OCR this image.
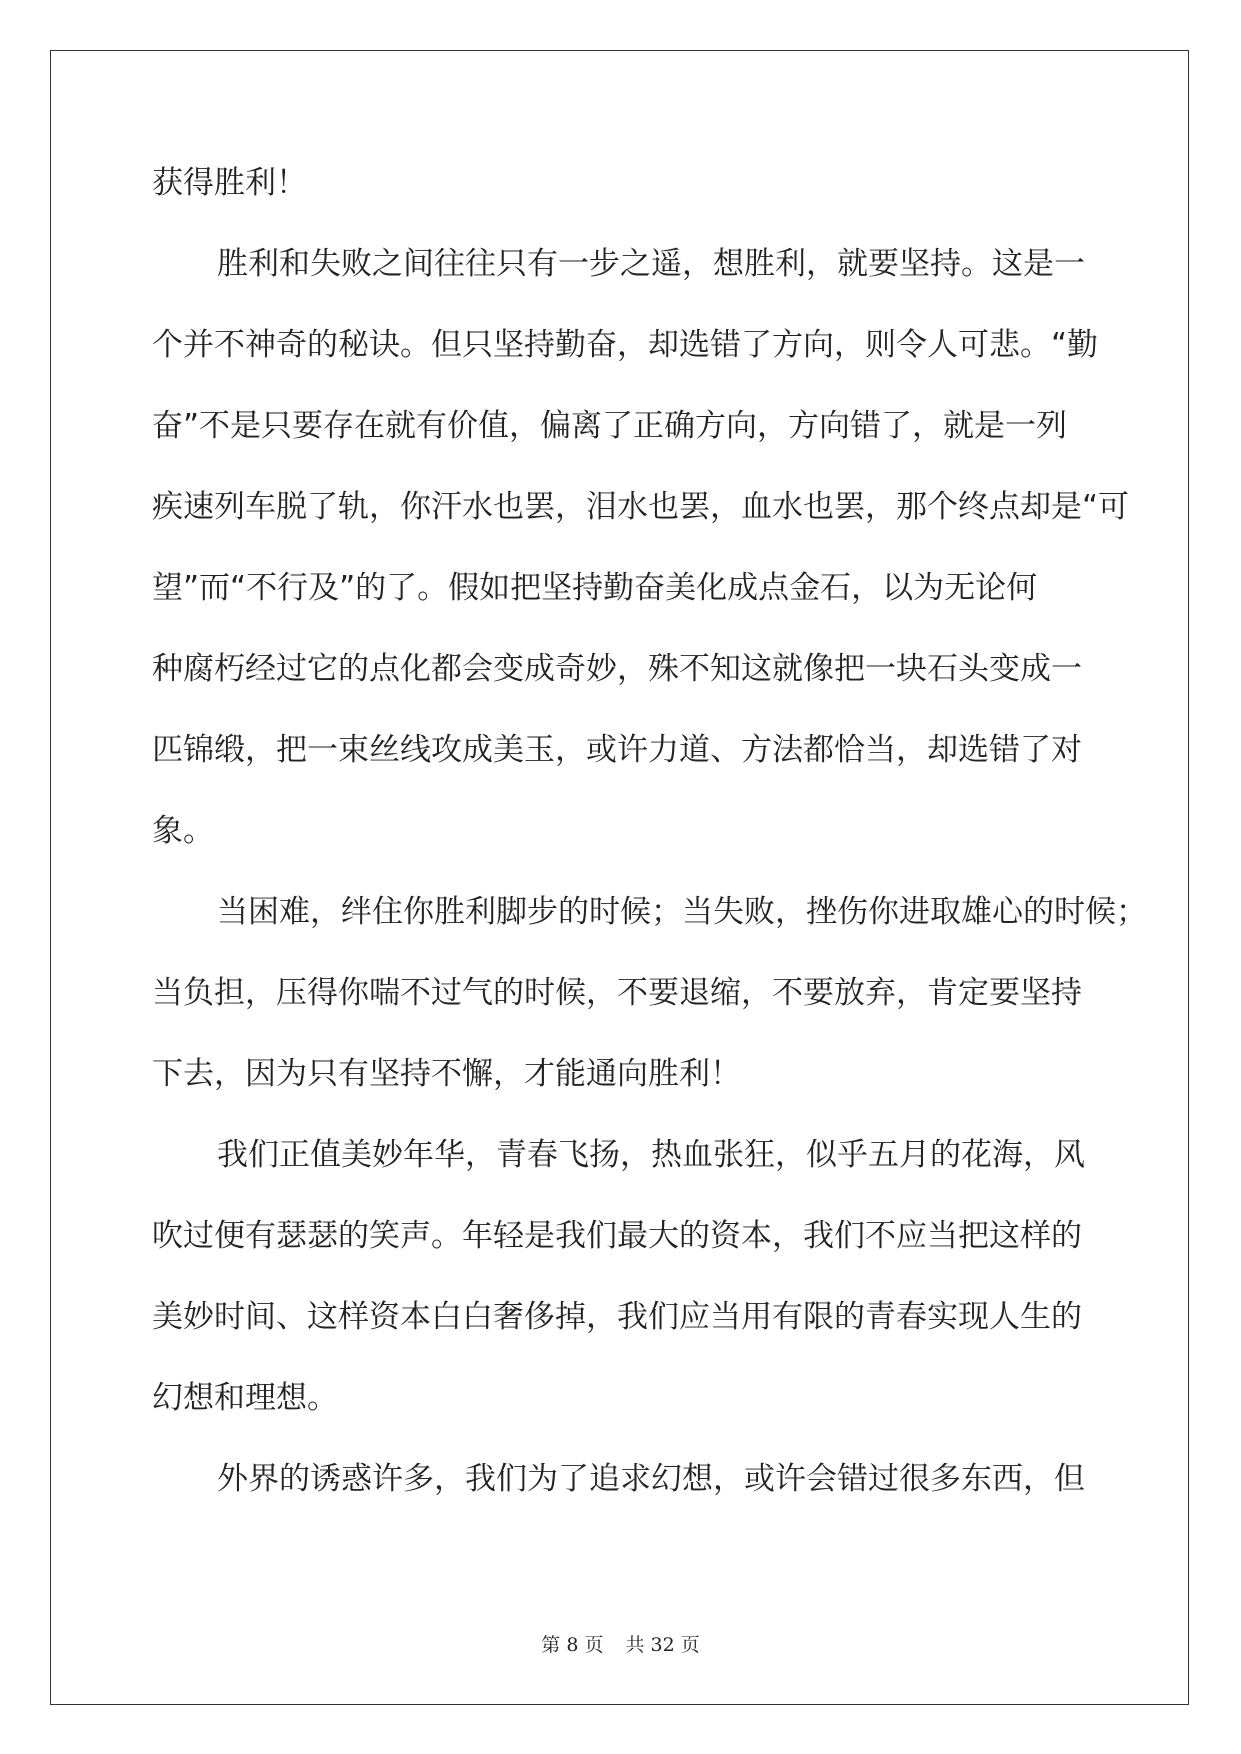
获得胜利！
胜利和失败之间往往只有一步之遥，想胜利，就要坚持。这是一
个并不神奇的秘诀。但只坚持勤奋，却选错了方向，则令人可悲。“勤
奋”不是只要存在就有价值，偏离了正确方向，方向错了，就是一列
疾速列车脱了轨，你汗水也罢，泪水也罢，血水也罢，那个终点却是“可
望”而“不行及”的了。假如把坚持勤奋美化成点金石，以为无论何
种腐朽经过它的点化都会变成奇妙，殊不知这就像把一块石头变成一
匹锦缎，把一束丝线攻成美玉，或许力道、方法都恰当，却选错了对
象。
当困难，绊住你胜利脚步的时候；当失败，挫伤你进取雄心的时候；
当负担，压得你喘不过气的时候，不要退缩，不要放弃，肯定要坚持
下去，因为只有坚持不懈，才能通向胜利！
我们正值美妙年华，青春飞扬，热血张狂，似乎五月的花海，风
吹过便有瑟瑟的笑声。年轻是我们最大的资本，我们不应当把这样的
美妙时间、这样资本白白奢侈掉，我们应当用有限的青春实现人生的
幻想和理想。
外界的诱惑许多，我们为了追求幻想，或许会错过很多东西，但
第 8 页 共 32 页
